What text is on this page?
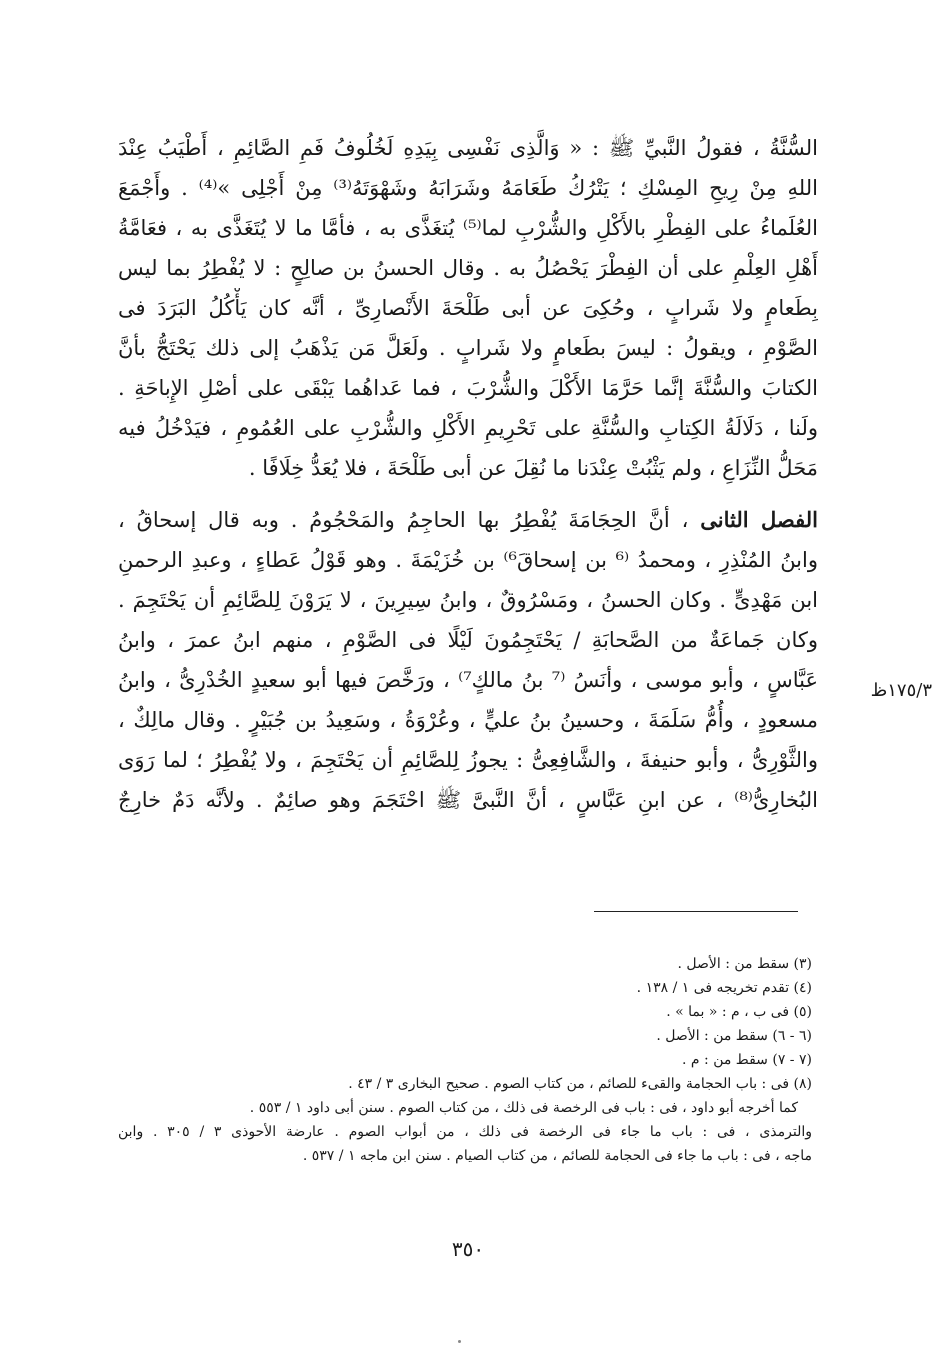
السُّنَّةُ ، فقولُ النَّبيِّ ﷺ : « وَالَّذِى نَفْسِى بِيَدِهِ لَخُلُوفُ فَمِ الصَّائِمِ ، أَطْيَبُ عِنْدَ
اللهِ مِنْ رِيحِ المِسْكِ ؛ يَتْرُكُ طَعَامَهُ وشَرَابَهُ وشَهْوَتَهُ⁽³⁾ مِنْ أَجْلِى »⁽⁴⁾ . وأَجْمَعَ
العُلَماءُ على الفِطْرِ بالأَكْلِ والشُّرْبِ لما⁽⁵⁾ يُتغَذَّى به ، فأمَّا ما لا يُتَغَذَّى به ، فعَامَّةُ
أَهْلِ العِلْمِ على أن الفِطْرَ يَحْصُلُ به . وقال الحسنُ بن صالِحٍ : لا يُفْطِرُ بما ليس
بِطَعامٍ ولا شَرابٍ ، وحُكِىَ عن أبى طَلْحَةَ الأَنْصارِىِّ ، أنَّه كان يَأْكُلُ البَرَدَ فى
الصَّوْمِ ، ويقولُ : ليسَ بطَعامٍ ولا شَرابٍ . ولَعَلَّ مَن يَذْهَبُ إلى ذلك يَحْتَجُّ بأنَّ
الكتابَ والسُّنَّةَ إنَّما حَرَّمَا الأَكْلَ والشُّرْبَ ، فما عَداهُما يَبْقَى على أصْلِ الإِباحَةِ .
ولَنا ، دَلَالَةُ الكِتابِ والسُّنَّةِ على تَحْرِيمِ الأَكْلِ والشُّرْبِ على العُمُومِ ، فيَدْخُلُ فيه
مَحَلُّ النِّزَاعِ ، ولم يَثْبُتْ عِنْدَنا ما نُقِلَ عن أبى طَلْحَةَ ، فلا يُعَدُّ خِلَافًا .
الفصل الثانى ، أنَّ الحِجَامَةَ يُفْطِرُ بها الحاجِمُ والمَحْجُومُ . وبه قال إسحاقُ ،
وابنُ المُنْذِرِ ، ومحمدُ ⁽⁶ بن إسحاقَ⁶⁾ بن خُزَيْمَةَ . وهو قَوْلُ عَطاءٍ ، وعبدِ الرحمنِ
ابن مَهْدِىٍّ . وكان الحسنُ ، ومَسْرُوقٌ ، وابنُ سِيرِينَ ، لا يَرَوْنَ لِلصَّائِمِ أن يَحْتَجِمَ .
وكان جَماعَةٌ من الصَّحابَةِ / يَحْتَجِمُونَ لَيْلًا فى الصَّوْمِ ، منهم ابنُ عمرَ ، وابنُ
عَبَّاسٍ ، وأبو موسى ، وأنَسُ ⁽⁷ بنُ مالكٍ⁷⁾ ، ورَخَّصَ فيها أبو سعيدٍ الخُدْرِىُّ ، وابنُ
مسعودٍ ، وأُمُّ سَلَمَةَ ، وحسينُ بنُ عليٍّ ، وعُرْوَةُ ، وسَعِيدُ بن جُبَيْرٍ . وقال مالِكٌ ،
والثَّوْرِىُّ ، وأبو حنيفةَ ، والشَّافِعِىُّ : يجوزُ لِلصَّائِمِ أن يَحْتَجِمَ ، ولا يُفْطِرُ ؛ لما رَوَى
البُخارِىُّ⁽⁸⁾ ، عن ابنِ عَبَّاسٍ ، أنَّ النَّبىَّ ﷺ احْتَجَمَ وهو صائِمٌ . ولأنَّه دَمٌ خارِجٌ
١٧٥/٣ظ
(٣) سقط من : الأصل .
(٤) تقدم تخريجه فى ١ / ١٣٨ .
(٥) فى ب ، م : « بما » .
(٦ - ٦) سقط من : الأصل .
(٧ - ٧) سقط من : م .
(٨) فى : باب الحجامة والقىء للصائم ، من كتاب الصوم . صحيح البخارى ٣ / ٤٣ .
كما أخرجه أبو داود ، فى : باب فى الرخصة فى ذلك ، من كتاب الصوم . سنن أبى داود ١ / ٥٥٣ .
والترمذى ، فى : باب ما جاء فى الرخصة فى ذلك ، من أبواب الصوم . عارضة الأحوذى ٣ / ٣٠٥ . وابن
ماجه ، فى : باب ما جاء فى الحجامة للصائم ، من كتاب الصيام . سنن ابن ماجه ١ / ٥٣٧ .
٣٥٠
